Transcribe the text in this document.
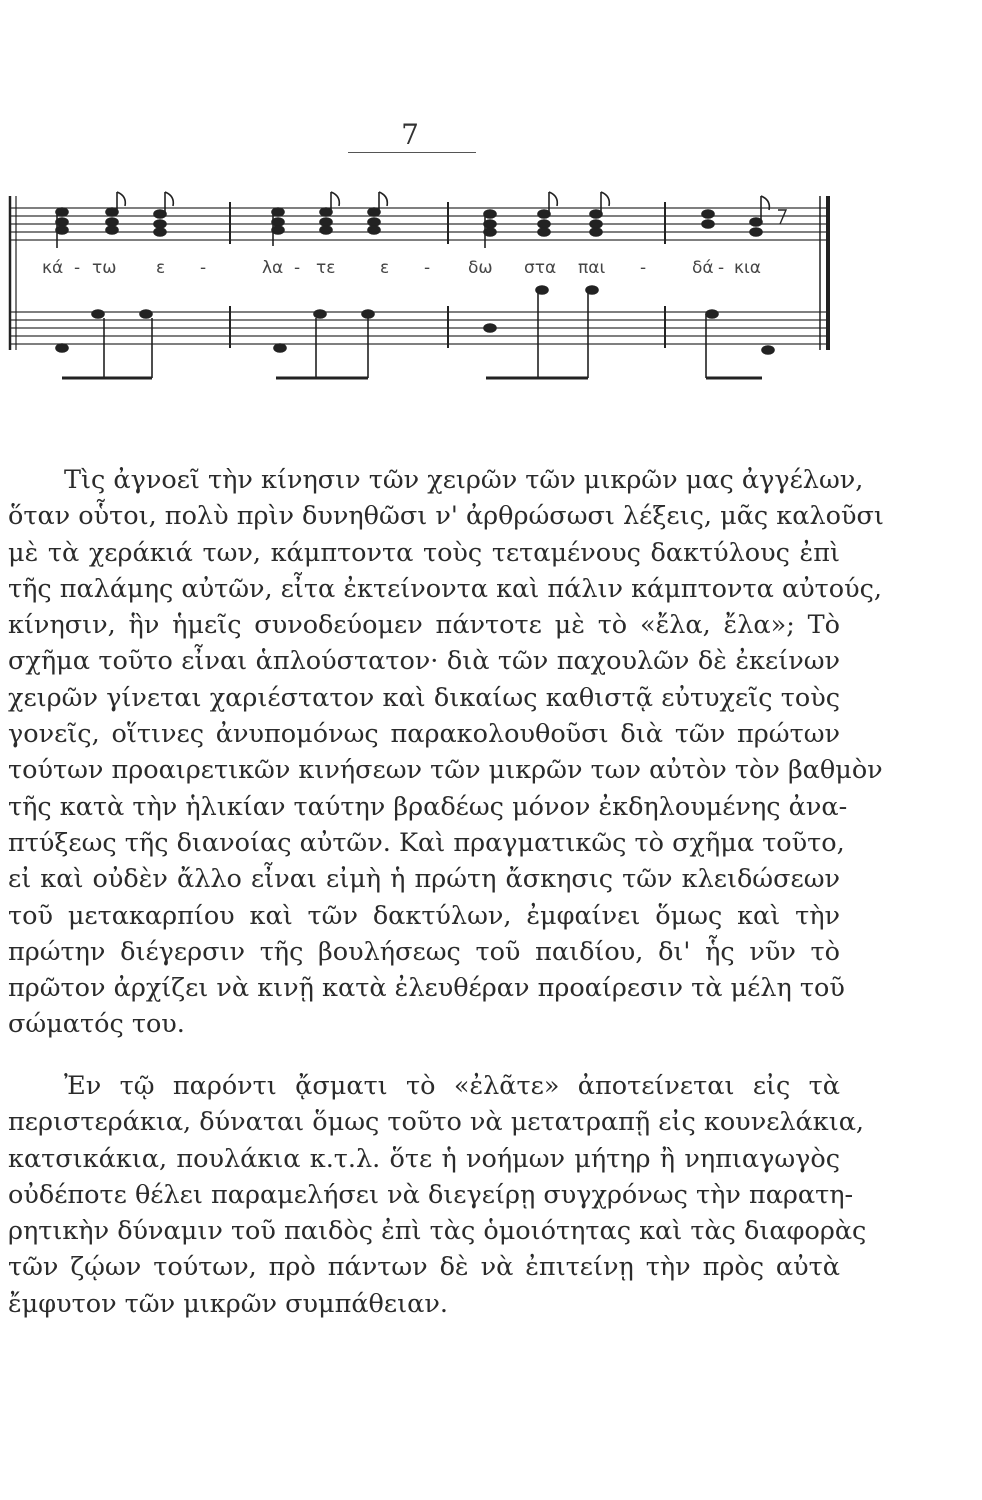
7
κά - τω ε -	λα - τε	ε - δω στα παι -	δά - κια
Τὶς ἀγνοεῖ τὴν κίνησιν τῶν χειρῶν τῶν μικρῶν μας ἀγγέλων,
ὅταν οὗτοι, πολὺ πρὶν δυνηθῶσι ν' ἀρθρώσωσι λέξεις, μᾶς καλοῦσι
μὲ τὰ χεράκιά των, κάμπτοντα τοὺς τεταμένους δακτύλους ἐπὶ
τῆς παλάμης αὐτῶν, εἶτα ἐκτείνοντα καὶ πάλιν κάμπτοντα αὐτούς,
κίνησιν, ἣν ἡμεῖς συνοδεύομεν πάντοτε μὲ τὸ «ἔλα, ἔλα»; Τὸ
σχῆμα τοῦτο εἶναι ἁπλούστατον· διὰ τῶν παχουλῶν δὲ ἐκείνων
χειρῶν γίνεται χαριέστατον καὶ δικαίως καθιστᾷ εὐτυχεῖς τοὺς
γονεῖς, οἵτινες ἀνυπομόνως παρακολουθοῦσι διὰ τῶν πρώτων
τούτων προαιρετικῶν κινήσεων τῶν μικρῶν των αὐτὸν τὸν βαθμὸν
τῆς κατὰ τὴν ἡλικίαν ταύτην βραδέως μόνον ἐκδηλουμένης ἀνα-
πτύξεως τῆς διανοίας αὐτῶν. Καὶ πραγματικῶς τὸ σχῆμα τοῦτο,
εἰ καὶ οὐδὲν ἄλλο εἶναι εἰμὴ ἡ πρώτη ἄσκησις τῶν κλειδώσεων
τοῦ μετακαρπίου καὶ τῶν δακτύλων, ἐμφαίνει ὅμως καὶ τὴν
πρώτην διέγερσιν τῆς βουλήσεως τοῦ παιδίου, δι' ἧς νῦν τὸ
πρῶτον ἀρχίζει νὰ κινῇ κατὰ ἐλευθέραν προαίρεσιν τὰ μέλη τοῦ
σώματός του.
Ἐν τῷ παρόντι ᾄσματι τὸ «ἐλᾶτε» ἀποτείνεται εἰς τὰ
περιστεράκια, δύναται ὅμως τοῦτο νὰ μετατραπῇ εἰς κουνελάκια,
κατσικάκια, πουλάκια κ.τ.λ. ὅτε ἡ νοήμων μήτηρ ἢ νηπιαγωγὸς
οὐδέποτε θέλει παραμελήσει νὰ διεγείρῃ συγχρόνως τὴν παρατη-
ρητικὴν δύναμιν τοῦ παιδὸς ἐπὶ τὰς ὁμοιότητας καὶ τὰς διαφορὰς
τῶν ζῴων τούτων, πρὸ πάντων δὲ νὰ ἐπιτείνῃ τὴν πρὸς αὐτὰ
ἔμφυτον τῶν μικρῶν συμπάθειαν.
